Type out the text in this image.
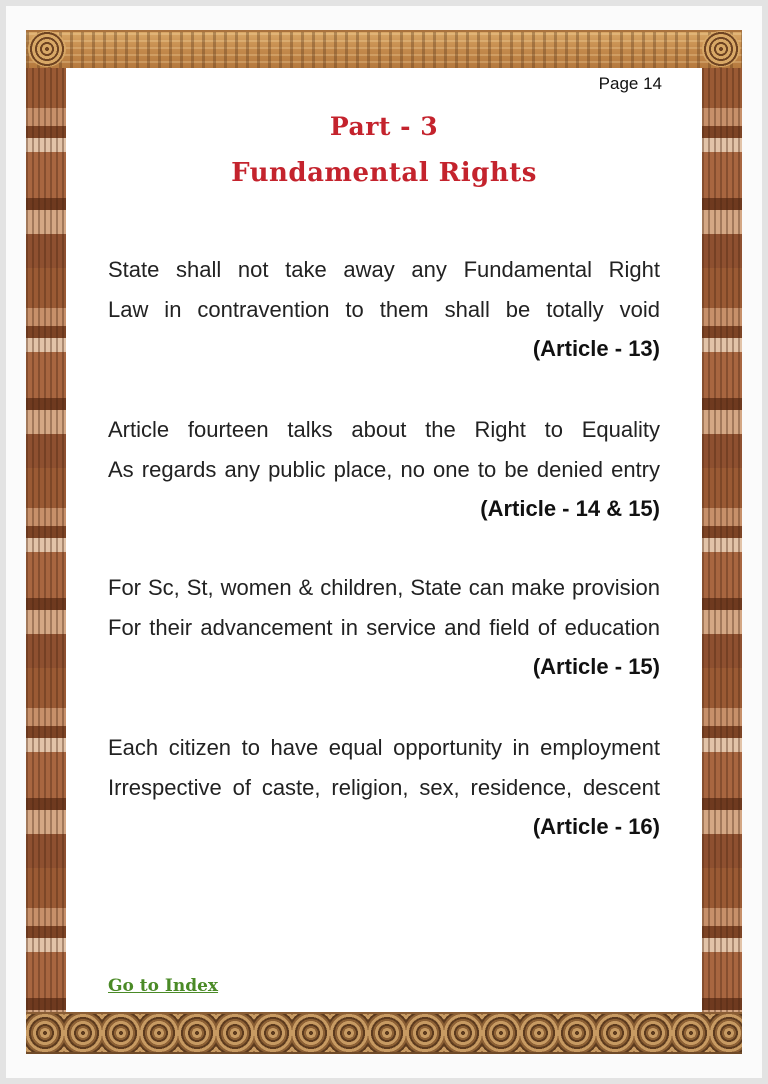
Page 14
Part - 3
Fundamental Rights
State shall not take away any Fundamental Right
Law in contravention to them shall be totally void
(Article - 13)
Article fourteen talks about the Right to Equality
As regards any public place, no one to be denied entry
(Article - 14 & 15)
For Sc, St, women & children, State can make provision
For their advancement in service and field of education
(Article - 15)
Each citizen to have equal opportunity in employment
Irrespective of caste, religion, sex, residence, descent
(Article - 16)
Go to Index
